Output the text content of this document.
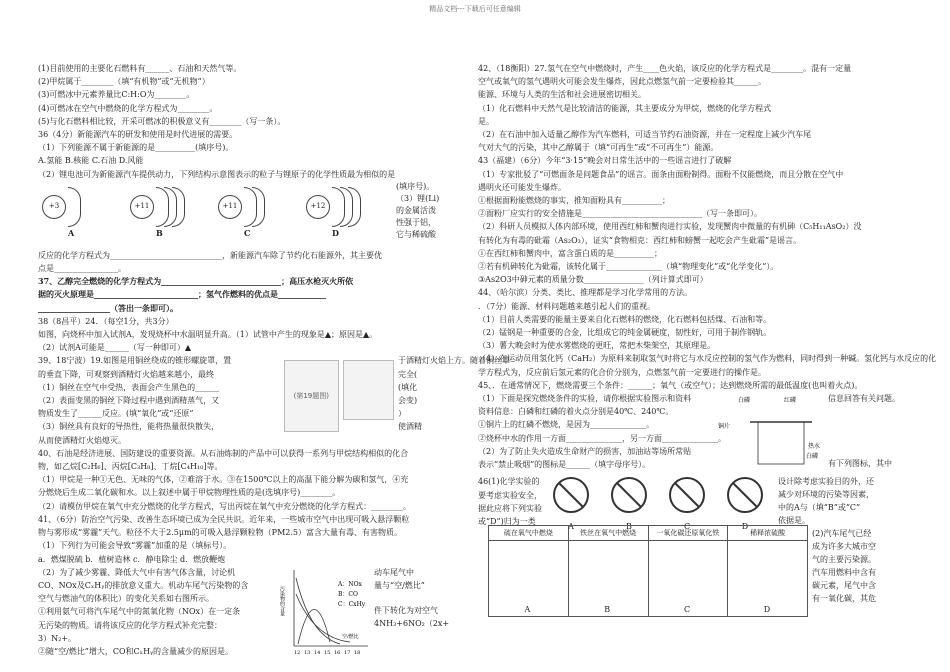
精品文档---下载后可任意编辑

(1)目前使用的主要化石燃料有______、石油和天然气等。

(2)甲烷属于________（填“有机物”或“无机物”）

(3)可燃冰中元素养量比C:H:O为________。

(4)可燃冰在空气中燃烧的化学方程式为________。

(5)与化石燃料相比较，开采可燃冰的积极意义有________（写一条）。

36（4分）新能源汽车的研发和使用是时代进展的需要。

（1）下列能源不属于新能源的是__________(填序号)。

A.氢能 B.核能 C.石油 D.风能

（2）锂电池可为新能源汽车提供动力，下列结构示意图表示的粒子与锂原子的化学性质最为相似的是

+3
A
+11
B
+11
C
+12
D
(填序号)。
（3）锂(Li)
的金属活泼
性强于铝，
它与稀硫酸

反应的化学方程式为____________________________，新能源汽车除了节约化石能源外，其主要优

点是________________。

37、乙醇完全燃烧的化学方程式为______________________________；高压水枪灭火所依

据的灭火原理是__________________________；氢气作燃料的优点是____________

__________________（答出一条即可）。

38（8昌平）24．（每空1分，共3分）

如图，向烧杯中加入试剂A，发现烧杯中水温明显升高。（1）试管中产生的现象是▲；原因是▲。

（2）试剂A可能是______（写一种即可）▲

39、18宁波）19.如图是用铜丝绕成的锥形螺旋罩，置

的垂直下降，可观察到酒精灯火焰越来越小，最终

（1）铜丝在空气中受热，表面会产生黑色的______

（2）表面变黑的铜丝下降过程中遇到酒精蒸气，又

物质发生了______反应。(填“氧化”或“还原”

（3）铜丝具有良好的导热性，能将热量很快散失，

(第19题图)

于酒精灯火焰上方。随着铜丝罩

完全(

(填化

会变)

）

使酒精

从而使酒精灯火焰熄灭。

40、石油是经济进展、国防建设的重要资源。从石油炼制的产品中可以获得一系列与甲烷结构相似的化合

物，如乙烷[C₂H₆]、丙烷[C₃H₈]、丁烷[C₄H₁₀]等。

（1）甲烷是一种①无色、无味的气体，②难溶于水。③在1500℃以上的高温下能分解为碳和氢气，④充

分燃烧后生成二氧化碳和水。以上叙述中属于甲烷物理性质的是(选填序号)________。

（2）请模仿甲烷在氧气中充分燃烧的化学方程式，写出丙烷在氧气中充分燃烧的化学方程式：________。

41、（6分）防治空气污染、改善生态环境已成为全民共识。近年来，一些城市空气中出现可吸入悬浮颗粒

物与雾形成“雾霾”天气。粒径不大于2.5μm的可吸入悬浮颗粒物（PM2.5）富含大量有毒、有害物质。

（1）下列行为可能会导致“雾霾”加重的是（填标号）。

a．燃煤脱硫 b．植树造林 c．静电除尘 d．燃放鞭炮

（2）为了减少雾霾、降低大气中有害气体含量，讨论机

CO、NOx及CₓHᵧ的排放意义重大。机动车尾气污染物的含

空气与燃油气的体积比）的变化关系如右图所示。

①利用氨气可将汽车尾气中的氮氧化物（NOx）在一定条

无污染的物质。请将该反应的化学方程式补充完整：

3）N₂+。

②随“空/燃比”增大，CO和CₓHᵧ的含量减少的原因是。

A：NOx
B：CO
C：CxHy
污染物的含量
12 13 14 15 16 17 18
空/燃比
动车尾气中
量与“空/燃比”
件下转化为对空气
4NH₃+6NO₂（2x+

42、（18衡阳）27.氢气在空气中燃烧时，产生____色火焰，该反应的化学方程式是________。混有一定量

空气或氧气的氢气遇明火可能会发生爆炸，因此点燃氢气前一定要检验其______。

能源、环境与人类的生活和社会进展密切相关。

（1）化石燃料中天然气是比较清洁的能源，其主要成分为甲烷，燃烧的化学方程式

是。

（2）在石油中加入适量乙醇作为汽车燃料，可适当节约石油资源，并在一定程度上减少汽车尾

气对大气的污染，其中乙醇属于（填“可再生”或“不可再生”）能源。

43（福建）（6分）今年“3·15”晚会对日常生活中的一些谣言进行了破解

（1）专家批驳了“可燃面条是问题食品”的谣言。面条由面粉制得。面粉不仅能燃烧，而且分散在空气中

遇明火还可能发生爆炸。

①根据面粉能燃烧的事实，推知面粉具有__________；

②面粉厂应实行的安全措施是______________________________（写一条即可）。

（2）科研人员模拟人体内部环境，使用西红柿和蟹肉进行实验，发现蟹肉中微量的有机砷（C₅H₁₁AsO₂）没

有转化为有毒的砒霜（As₂O₃），证实“食物相克：西红柿和螃蟹一起吃会产生砒霜”是谣言。

①在西红柿和蟹肉中，富含蛋白质的是__________；

②若有机砷转化为砒霜，该转化属于______________（填“物理变化”或“化学变化”）。

③As2O3中砷元素的质量分数_______________（列计算式即可）

44、（哈尔滨）分类、类比、推理都是学习化学常用的方法。

．（7分）能源、材料问题越来越引起人们的重视。

（1）目前人类需要的能量主要来自化石燃料的燃烧，化石燃料包括煤、石油和等。

（2）锰钢是一种重要的合金，比组成它的纯金属硬度，韧性好，可用于制作钢轨。

（3）薯大晚会时为使水雾燃烧的更旺，常把木柴架空，其原理是。

（4）在运动员用氢化钙（CaH₂）为原料来制取氢气时将它与水反应控制的氢气作为燃料，同时得到一种碱。氢化钙与水反应的化

学方程式为，反应前后氢元素的化合价分别为，点燃氢气前一定要进行的操作是。

45、．在通常情况下，燃烧需要三个条件：______；氧气（或空气）；达到燃烧所需的最低温度(也叫着火点)。

（1）下面是探究燃烧条件的实验，请你根据实验图示和资料

资料信息：白磷和红磷的着火点分别是40℃、240℃。

①铜片上的红磷不燃烧，是因为______________。

②烧杯中水的作用一方面______________，另一方面______________。

（2）为了防止失火造成生命财产的损害，加油站等场所常贴

表示“禁止吸烟”的图标是______（填字母序号）。

白磷	红磷
铜片
热水
白磷

信息回答有关问题。

有下列图标，其中

46(1)化学实验的

要考虑实验安全，

据此应将下列实验

或“D”)归为一类

A	B	C	D
设计除考虑实验目的外，还
减少对环境的污染等因素，
中的A与（填“B”或“C”
依据是。
硫在氧气中燃烧	铁丝在氧气中燃烧	一氧化碳还原氧化铁	稀释浓硫酸
A	B	C	D
(2)汽车尾气已经
成为许多大城市空
气的主要污染源。
汽车用燃料中含有
碳元素，尾气中含
有一氧化碳，其危
